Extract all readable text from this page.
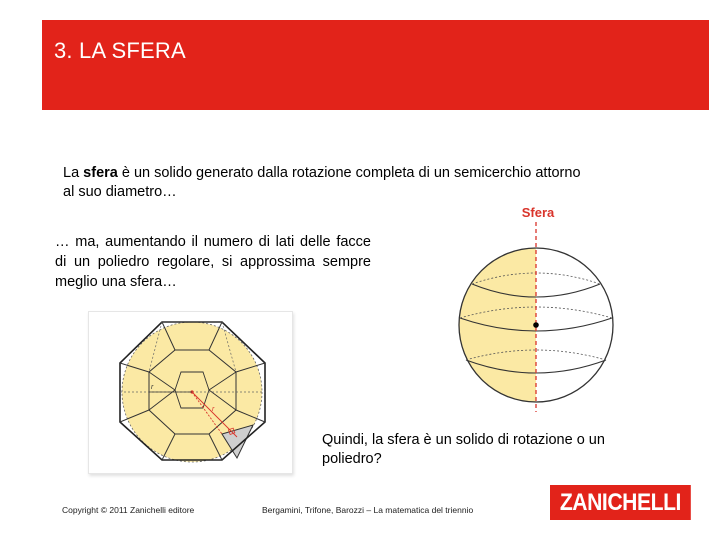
3. LA SFERA
La sfera è un solido generato dalla rotazione completa di un semicerchio attorno al suo diametro…
… ma, aumentando il numero di lati delle facce di un poliedro regolare, si approssima sempre meglio una sfera…
Sfera
r
r
Quindi, la sfera è un solido di rotazione o un poliedro?
Copyright © 2011 Zanichelli editore	Bergamini, Trifone, Barozzi – La matematica del triennio	ZANICHELLI
